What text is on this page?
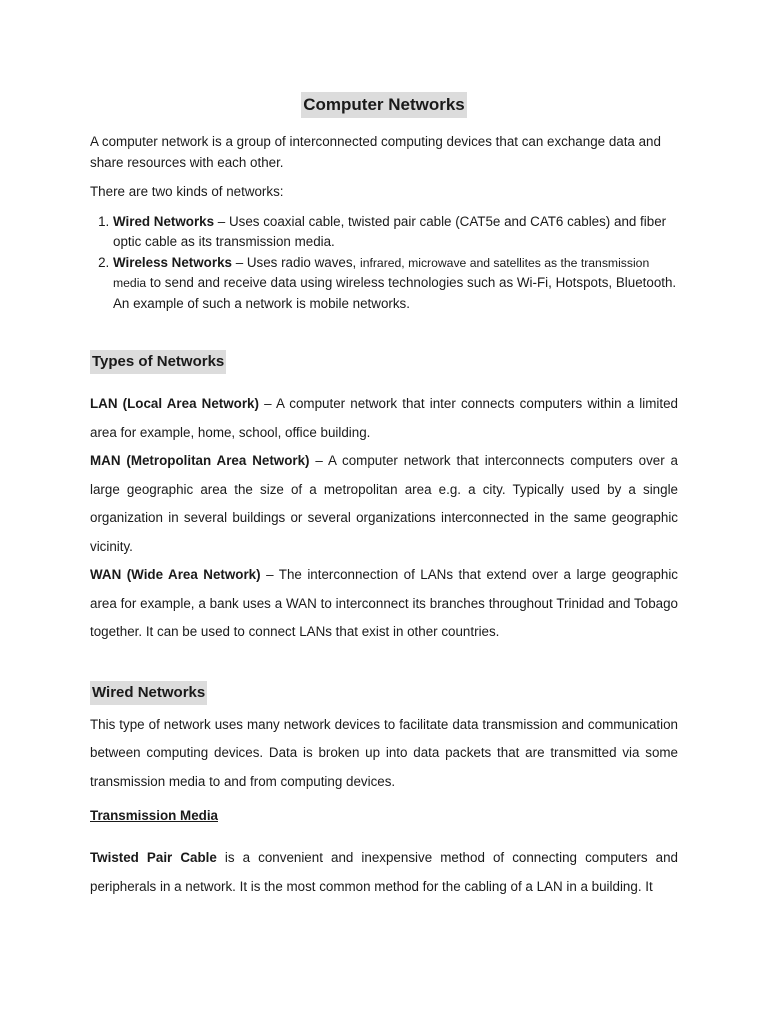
Computer Networks

A computer network is a group of interconnected computing devices that can exchange data and share resources with each other.

There are two kinds of networks:

1. Wired Networks – Uses coaxial cable, twisted pair cable (CAT5e and CAT6 cables) and fiber optic cable as its transmission media.
2. Wireless Networks – Uses radio waves, infrared, microwave and satellites as the transmission media to send and receive data using wireless technologies such as Wi-Fi, Hotspots, Bluetooth. An example of such a network is mobile networks.
Types of Networks

LAN (Local Area Network) – A computer network that inter connects computers within a limited area for example, home, school, office building.

MAN (Metropolitan Area Network) – A computer network that interconnects computers over a large geographic area the size of a metropolitan area e.g. a city. Typically used by a single organization in several buildings or several organizations interconnected in the same geographic vicinity.

WAN (Wide Area Network) – The interconnection of LANs that extend over a large geographic area for example, a bank uses a WAN to interconnect its branches throughout Trinidad and Tobago together. It can be used to connect LANs that exist in other countries.

Wired Networks

This type of network uses many network devices to facilitate data transmission and communication between computing devices. Data is broken up into data packets that are transmitted via some transmission media to and from computing devices.

Transmission Media

Twisted Pair Cable is a convenient and inexpensive method of connecting computers and peripherals in a network. It is the most common method for the cabling of a LAN in a building. It
